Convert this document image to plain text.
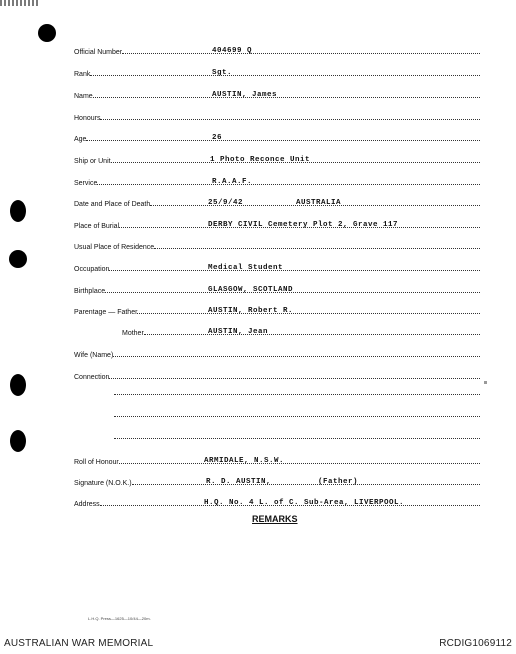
Official Number	404699 Q
Rank	Sgt.
Name	AUSTIN, James
Honours
Age	26
Ship or Unit	1 Photo Reconce Unit
Service	R.A.A.F.
Date and Place of Death	25/9/42	AUSTRALIA
Place of Burial	DERBY CIVIL Cemetery Plot 2, Grave 117
Usual Place of Residence
Occupation	Medical Student
Birthplace	GLASGOW, SCOTLAND
Parentage — Father	AUSTIN, Robert R.
Mother	AUSTIN, Jean
Wife (Name)
Connection
Roll of Honour	ARMIDALE, N.S.W.
Signature (N.O.K.)	R. D. AUSTIN,	(Father)
Address	H.Q. No. 4 L. of C. Sub-Area, LIVERPOOL.
REMARKS
L.H.Q. Press—1625—10/44—20m.
AUSTRALIAN WAR MEMORIAL	RCDIG1069112
